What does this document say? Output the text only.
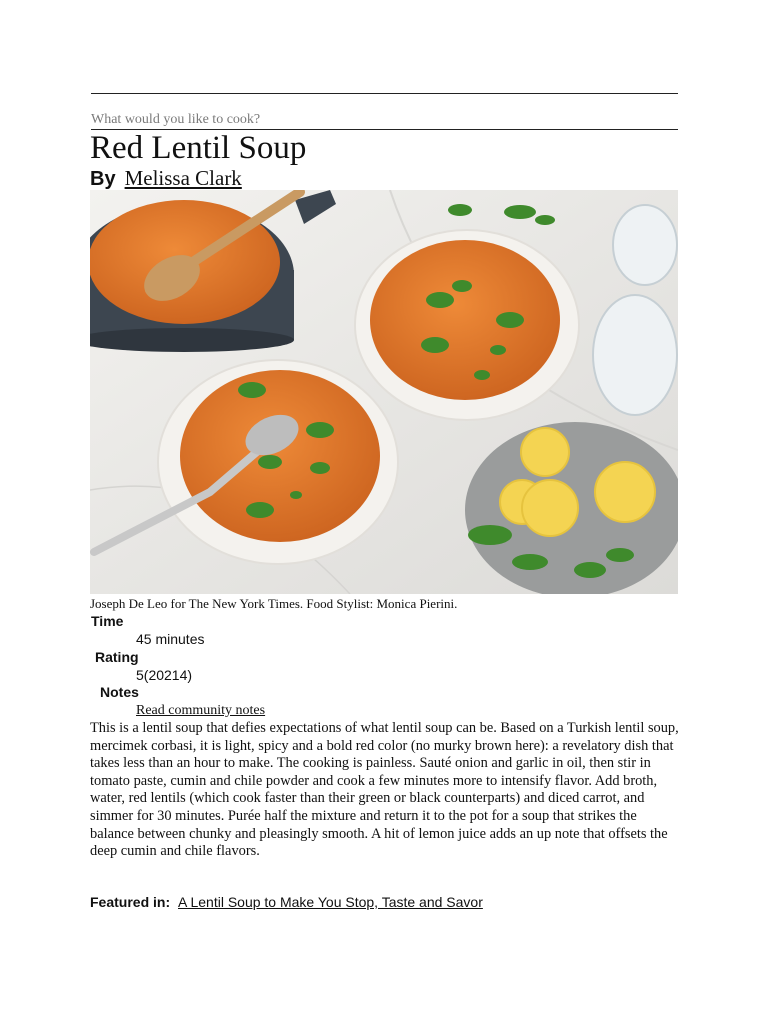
What would you like to cook?
Red Lentil Soup
By Melissa Clark
Joseph De Leo for The New York Times. Food Stylist: Monica Pierini.
Time
45 minutes
Rating
5(20214)
Notes
Read community notes
This is a lentil soup that defies expectations of what lentil soup can be. Based on a Turkish lentil soup, mercimek corbasi, it is light, spicy and a bold red color (no murky brown here): a revelatory dish that takes less than an hour to make. The cooking is painless. Sauté onion and garlic in oil, then stir in tomato paste, cumin and chile powder and cook a few minutes more to intensify flavor. Add broth, water, red lentils (which cook faster than their green or black counterparts) and diced carrot, and simmer for 30 minutes. Purée half the mixture and return it to the pot for a soup that strikes the balance between chunky and pleasingly smooth. A hit of lemon juice adds an up note that offsets the deep cumin and chile flavors.
Featured in: A Lentil Soup to Make You Stop, Taste and Savor
